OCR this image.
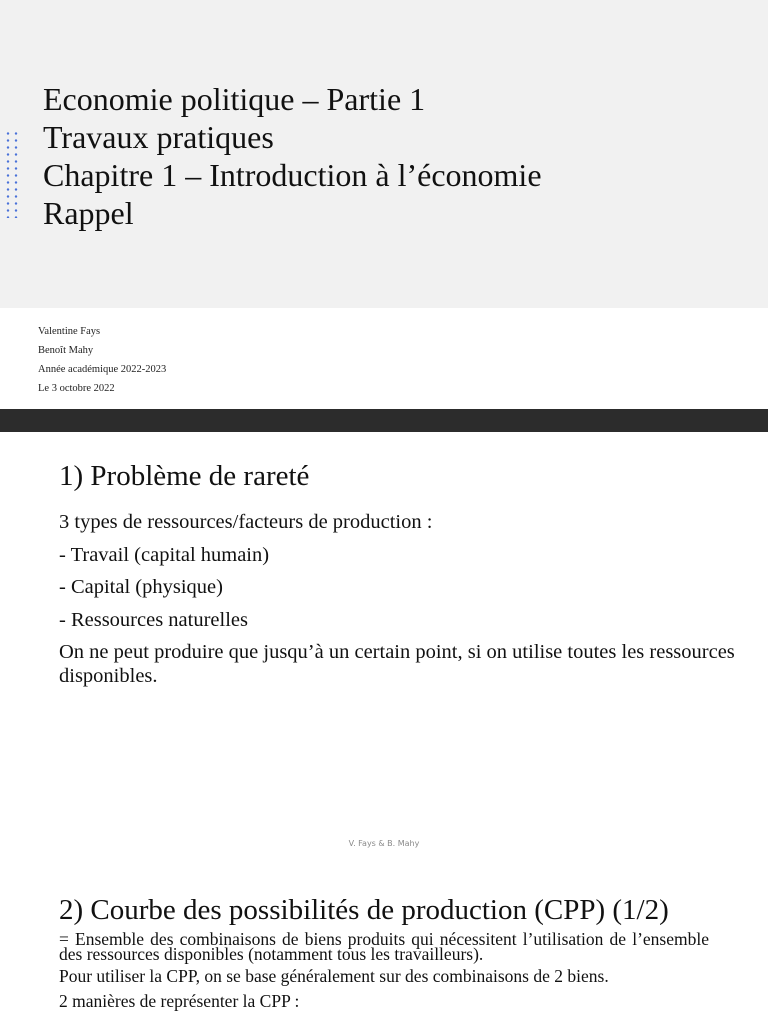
Economie politique – Partie 1
Travaux pratiques
Chapitre 1 – Introduction à l’économie
Rappel
Valentine Fays
Benoît Mahy
Année académique 2022-2023
Le 3 octobre 2022
1) Problème de rareté
3 types de ressources/facteurs de production :
- Travail (capital humain)
- Capital (physique)
- Ressources naturelles
On ne peut produire que jusqu’à un certain point, si on utilise toutes les ressources disponibles.
V. Fays & B. Mahy
2) Courbe des possibilités de production (CPP) (1/2)
= Ensemble des combinaisons de biens produits qui nécessitent l’utilisation de l’ensemble des ressources disponibles (notamment tous les travailleurs).
Pour utiliser la CPP, on se base généralement sur des combinaisons de 2 biens.
2 manières de représenter la CPP :
